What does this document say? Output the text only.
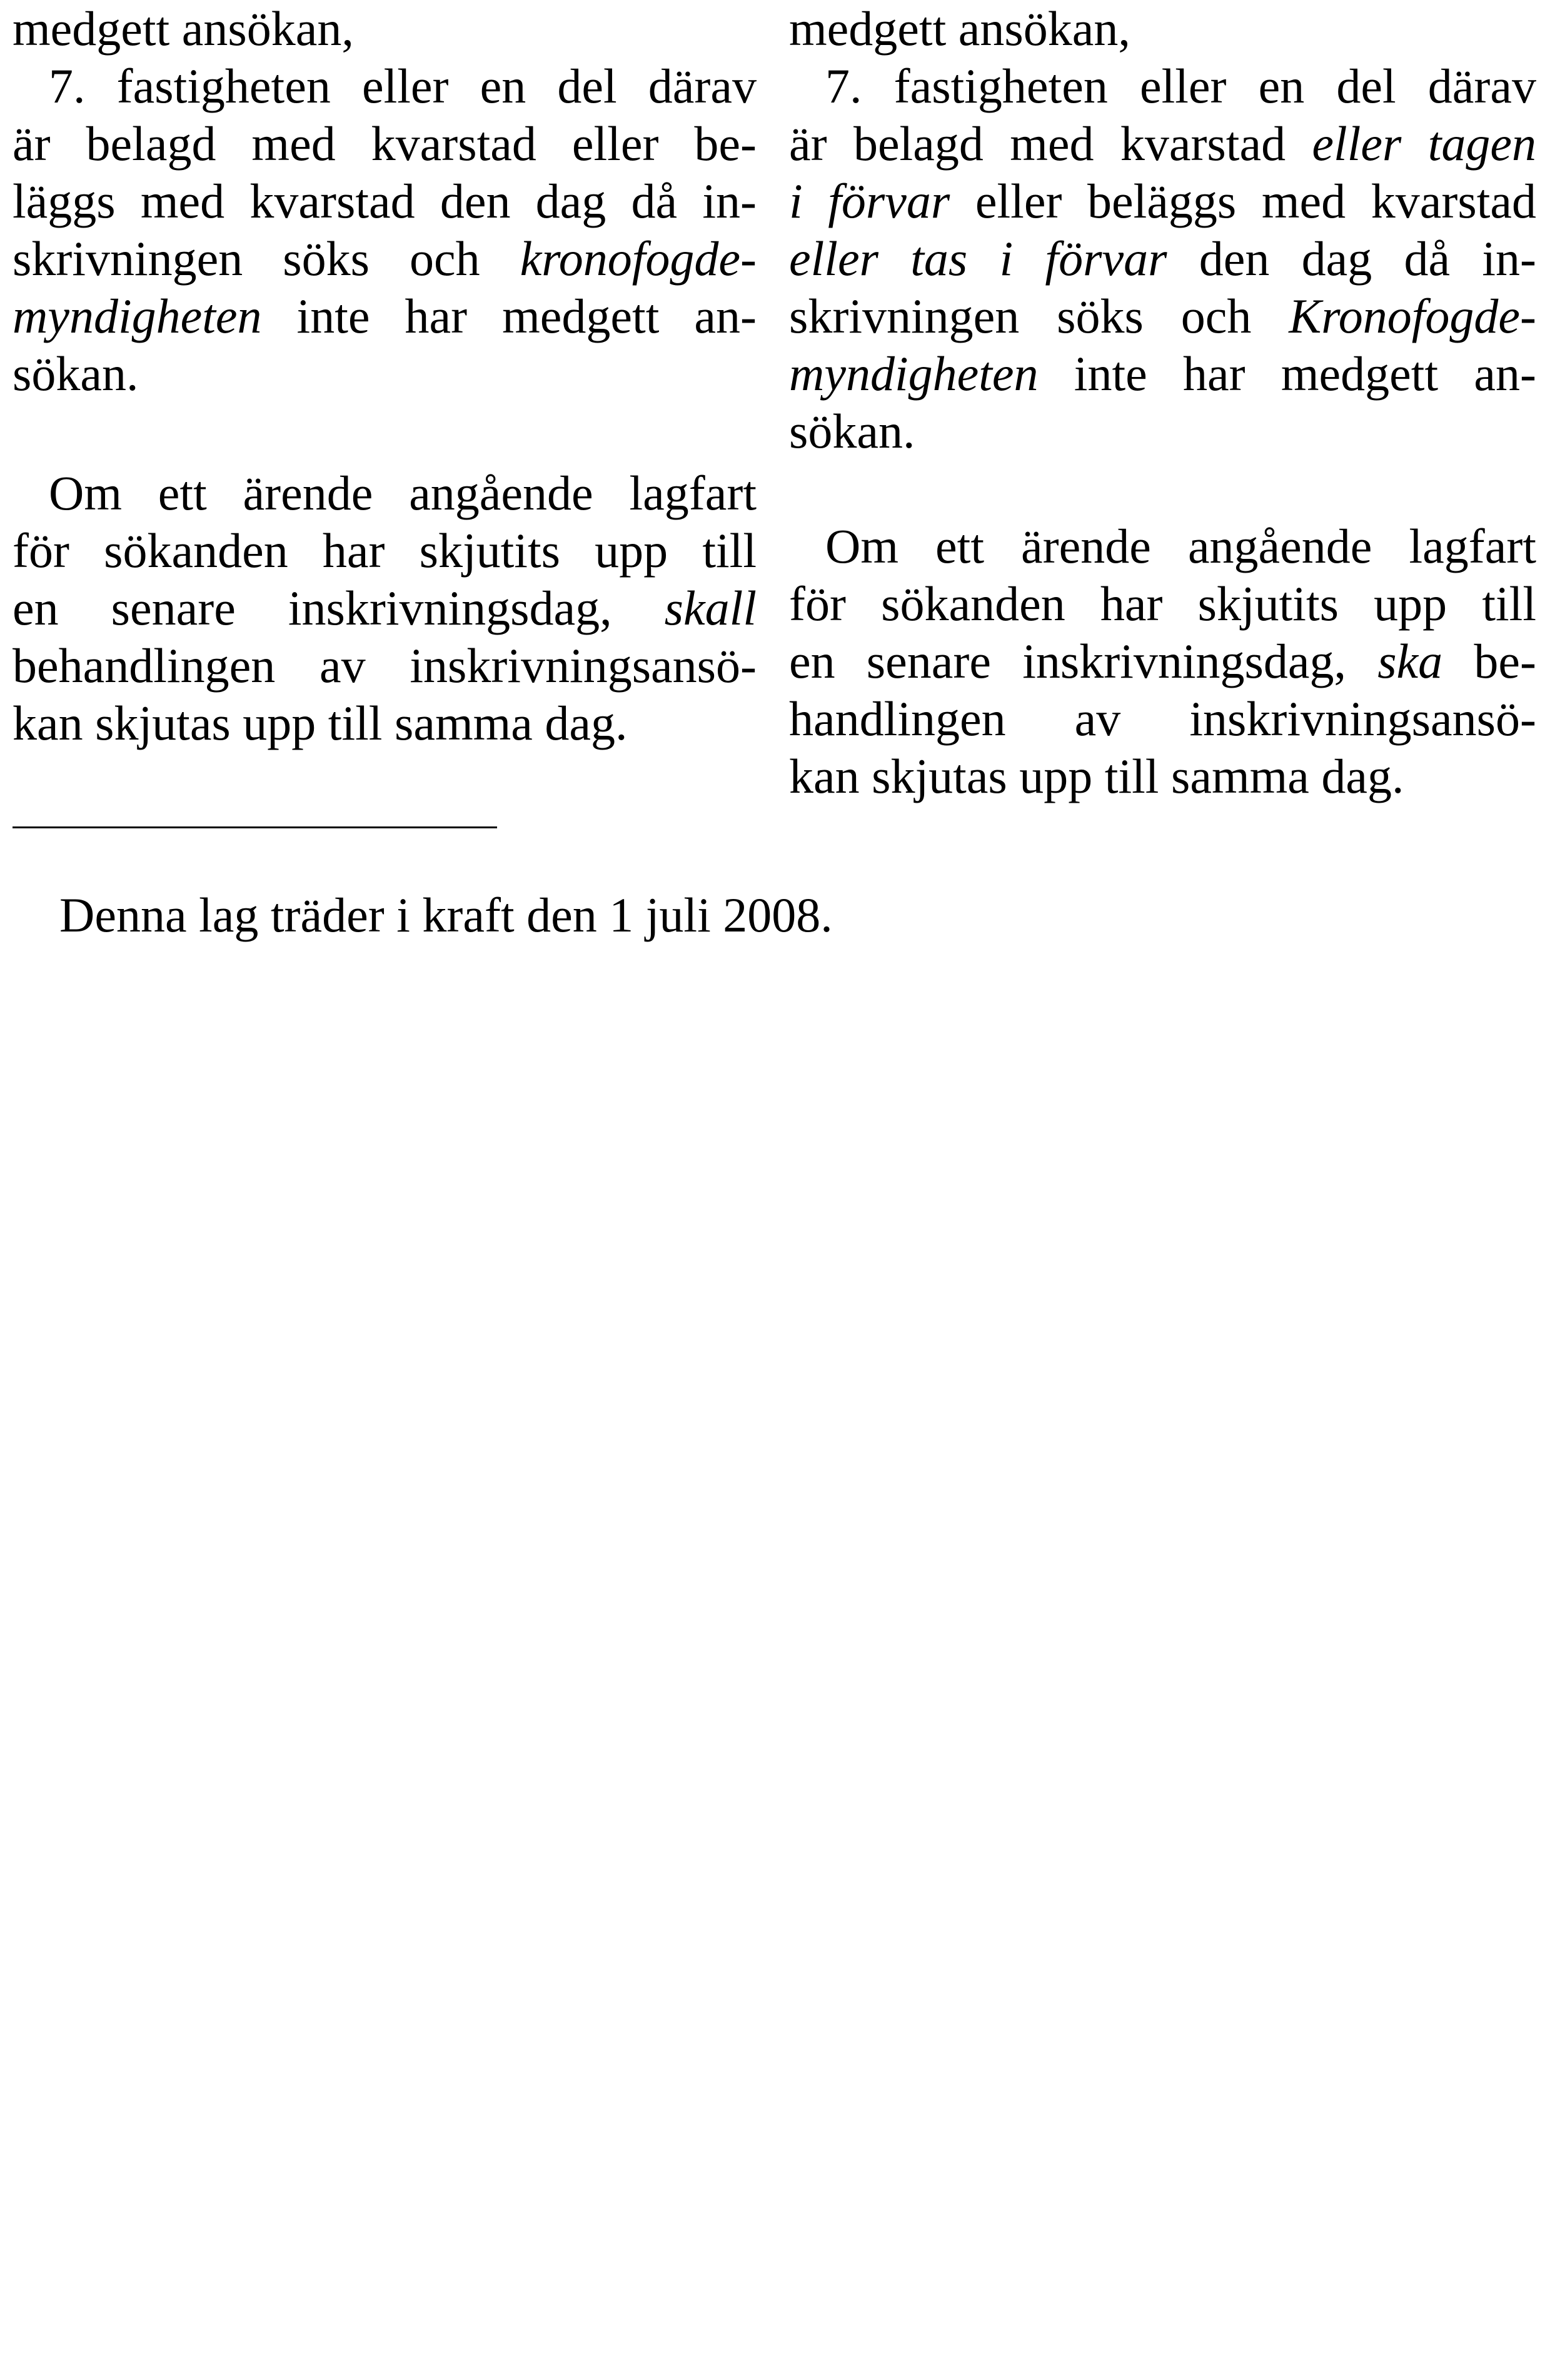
medgett ansökan,
7. fastigheten eller en del därav
är belagd med kvarstad eller be-
läggs med kvarstad den dag då in-
skrivningen söks och kronofogde-
myndigheten inte har medgett an-
sökan.
Om ett ärende angående lagfart
för sökanden har skjutits upp till
en senare inskrivningsdag, skall
behandlingen av inskrivningsansö-
kan skjutas upp till samma dag.
medgett ansökan,
7. fastigheten eller en del därav
är belagd med kvarstad eller tagen
i förvar eller beläggs med kvarstad
eller tas i förvar den dag då in-
skrivningen söks och Kronofogde-
myndigheten inte har medgett an-
sökan.
Om ett ärende angående lagfart
för sökanden har skjutits upp till
en senare inskrivningsdag, ska be-
handlingen av inskrivningsansö-
kan skjutas upp till samma dag.
Denna lag träder i kraft den 1 juli 2008.
